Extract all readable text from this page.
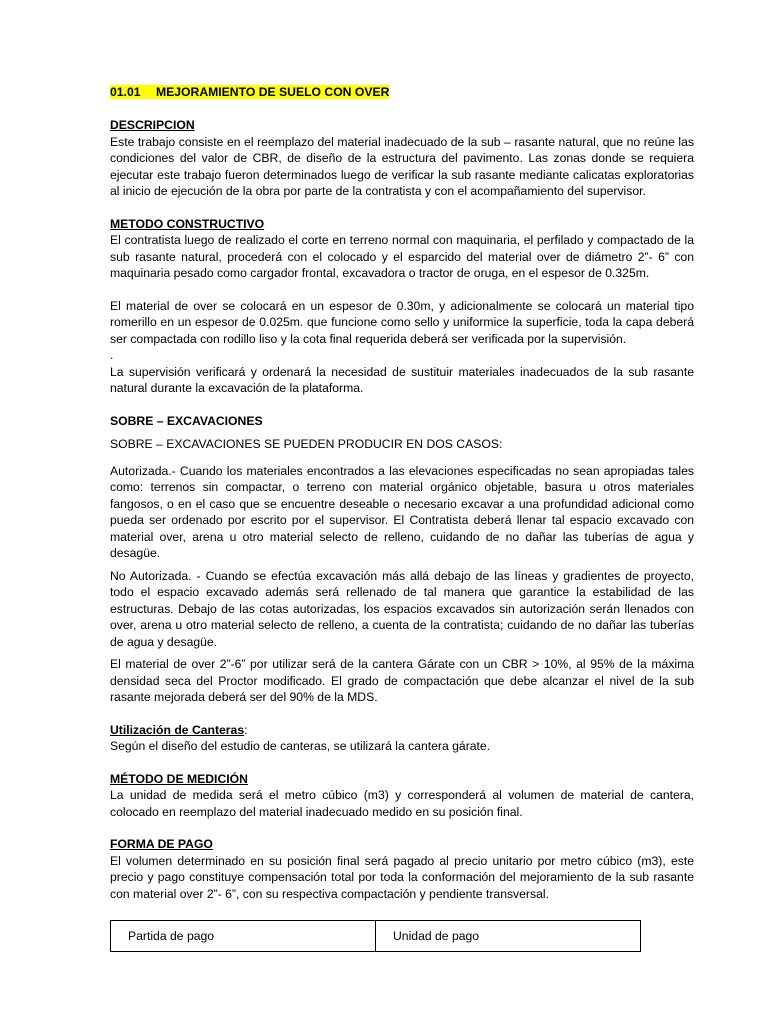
01.01 MEJORAMIENTO DE SUELO CON OVER

DESCRIPCION

Este trabajo consiste en el reemplazo del material inadecuado de la sub – rasante natural, que no reúne las condiciones del valor de CBR, de diseño de la estructura del pavimento. Las zonas donde se requiera ejecutar este trabajo fueron determinados luego de verificar la sub rasante mediante calicatas exploratorias al inicio de ejecución de la obra por parte de la contratista y con el acompañamiento del supervisor.

METODO CONSTRUCTIVO

El contratista luego de realizado el corte en terreno normal con maquinaria, el perfilado y compactado de la sub rasante natural, procederá con el colocado y el esparcido del material over de diámetro 2”- 6” con maquinaria pesado como cargador frontal, excavadora o tractor de oruga, en el espesor de 0.325m.

El material de over se colocará en un espesor de 0.30m, y adicionalmente se colocará un material tipo romerillo en un espesor de 0.025m. que funcione como sello y uniformice la superficie, toda la capa deberá ser compactada con rodillo liso y la cota final requerida deberá ser verificada por la supervisión.

.

La supervisión verificará y ordenará la necesidad de sustituir materiales inadecuados de la sub rasante natural durante la excavación de la plataforma.

SOBRE – EXCAVACIONES

SOBRE – EXCAVACIONES SE PUEDEN PRODUCIR EN DOS CASOS:

Autorizada.- Cuando los materiales encontrados a las elevaciones especificadas no sean apropiadas tales como: terrenos sin compactar, o terreno con material orgánico objetable, basura u otros materiales fangosos, o en el caso que se encuentre deseable o necesario excavar a una profundidad adicional como pueda ser ordenado por escrito por el supervisor. El Contratista deberá llenar tal espacio excavado con material over, arena u otro material selecto de relleno, cuidando de no dañar las tuberías de agua y desagüe.

No Autorizada. - Cuando se efectúa excavación más allá debajo de las líneas y gradientes de proyecto, todo el espacio excavado además será rellenado de tal manera que garantice la estabilidad de las estructuras. Debajo de las cotas autorizadas, los espacios excavados sin autorización serán llenados con over, arena u otro material selecto de relleno, a cuenta de la contratista; cuidando de no dañar las tuberías de agua y desagüe.

El material de over 2”-6” por utilizar será de la cantera Gárate con un CBR > 10%, al 95% de la máxima densidad seca del Proctor modificado. El grado de compactación que debe alcanzar el nivel de la sub rasante mejorada deberá ser del 90% de la MDS.

Utilización de Canteras:

Según el diseño del estudio de canteras, se utilizará la cantera gárate.

MÉTODO DE MEDICIÓN

La unidad de medida será el metro cúbico (m3) y corresponderá al volumen de material de cantera, colocado en reemplazo del material inadecuado medido en su posición final.

FORMA DE PAGO

El volumen determinado en su posición final será pagado al precio unitario por metro cúbico (m3), este precio y pago constituye compensación total por toda la conformación del mejoramiento de la sub rasante con material over 2”- 6”, con su respectiva compactación y pendiente transversal.

Partida de pago	Unidad de pago
